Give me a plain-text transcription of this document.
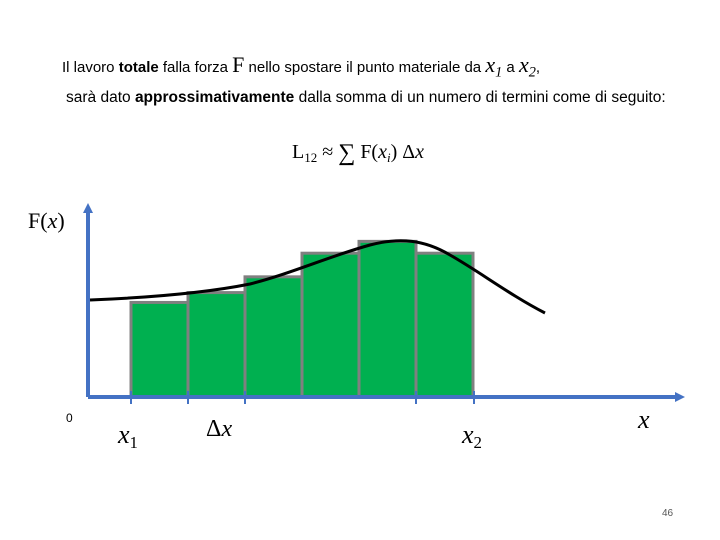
Il lavoro totale falla forza F nello spostare il punto materiale da $x_1$ a $x_2$,
sarà dato approssimativamente dalla somma di un numero di termini come di seguito:
$L_{12}$ ≈ ∑ $F(x_i)$ Δx
F(x)
0
$x_1$
Δx	$x_2$
x
46
